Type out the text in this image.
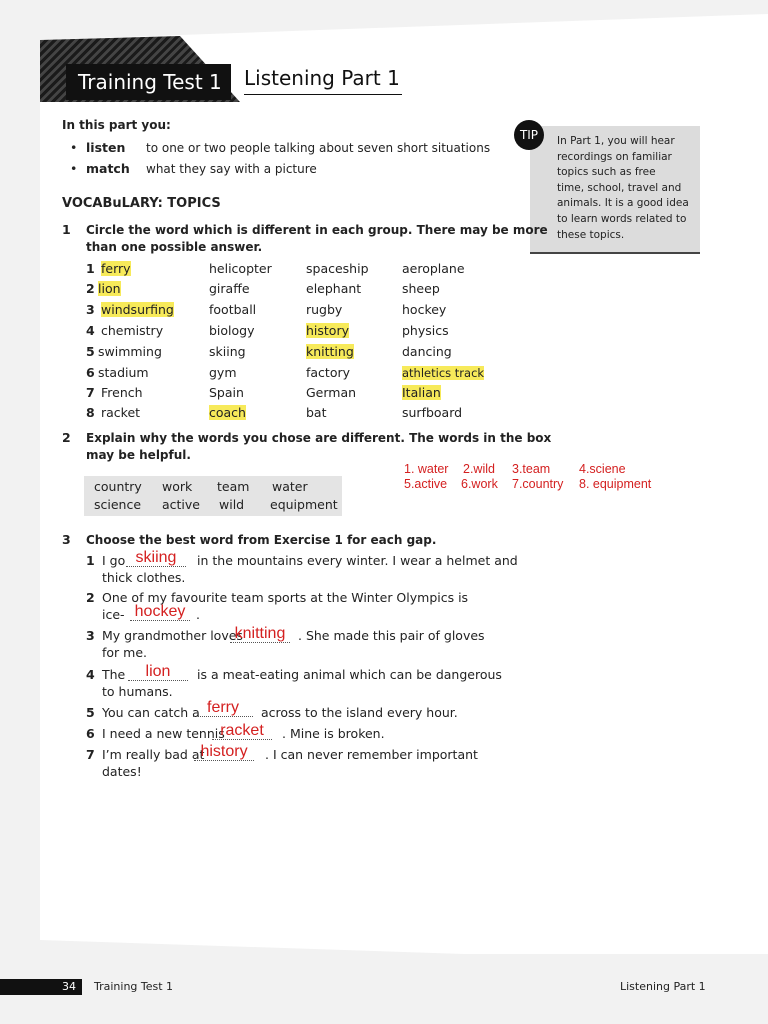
Training Test 1	Listening Part 1
In this part you:
• listen to one or two people talking about seven short situations
• match what they say with a picture
TIP	In Part 1, you will hear
recordings on familiar
topics such as free
time, school, travel and
animals. It is a good idea
to learn words related to
these topics.
VOCABuLARY: TOPICS
1 Circle the word which is different in each group. There may be more
than one possible answer.
1 ferry	helicopter	spaceship	aeroplane
2 lion	giraffe	elephant	sheep
3 windsurfing	football	rugby	hockey
4 chemistry	biology	history	physics
5 swimming	skiing	knitting	dancing
6 stadium	gym	factory	athletics track
7 French	Spain	German	Italian
8 racket	coach	bat	surfboard
2 Explain why the words you chose are different. The words in the box
may be helpful.
country work team water
science active wild equipment
1. water 2.wild 3.team 4.sciene
5.active 6.work 7.country 8. equipment
3 Choose the best word from Exercise 1 for each gap.
1 I go skiing	in the mountains every winter. I wear a helmet and
thick clothes.
2 One of my favourite team sports at the Winter Olympics is
ice- hockey .
3 My grandmother loves
knitting	. She made this pair of gloves
for me.
4 The	lion	is a meat-eating animal which can be dangerous
to humans.
5 You can catch a ferry	across to the island every hour.
6 I need a new tennis
racket	. Mine is broken.
7 I’m really bad at
history	. I can never remember important
dates!
34	Training Test 1	Listening Part 1
